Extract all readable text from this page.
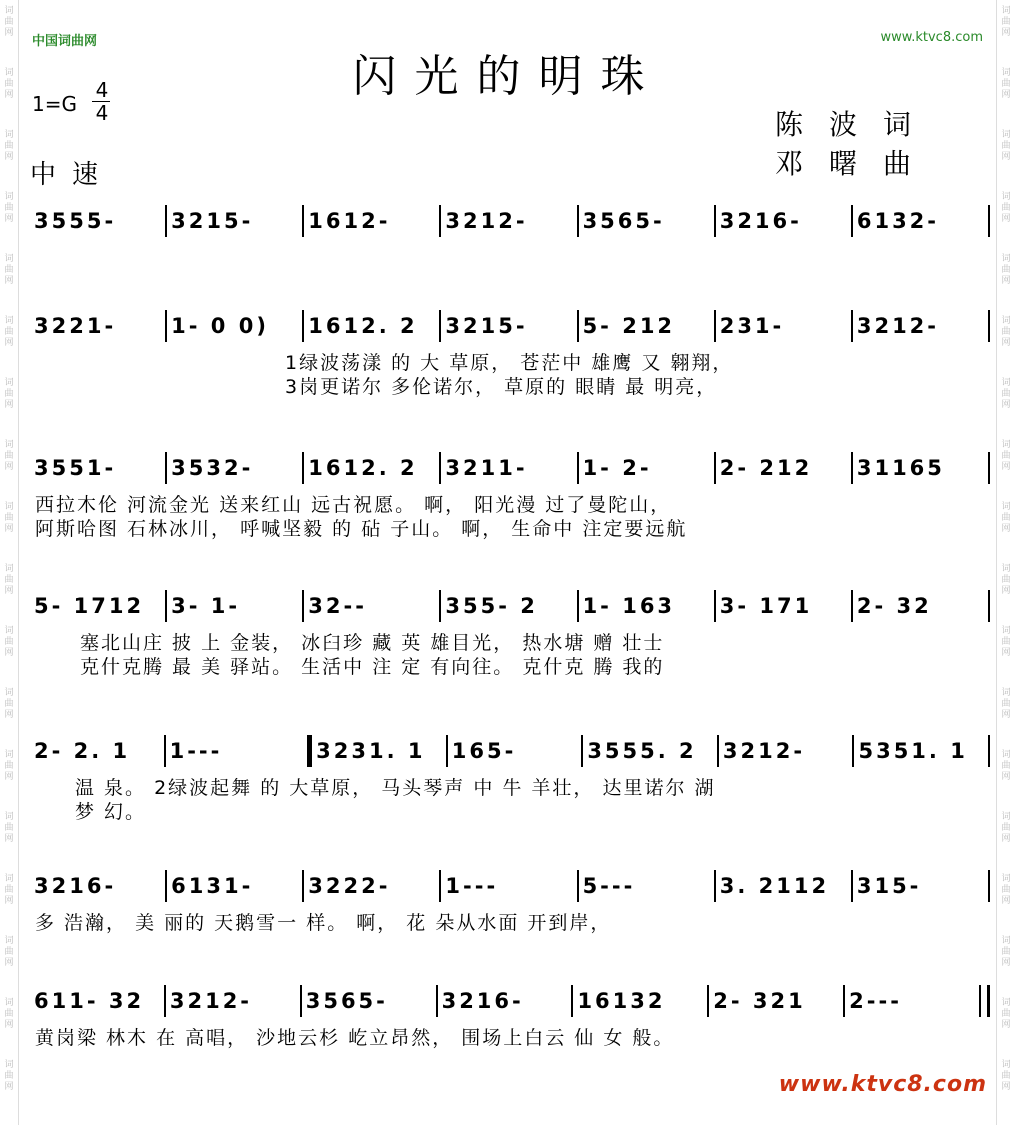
词
曲
网
词
曲
网
词
曲
网
词
曲
网
词
曲
网
词
曲
网
词
曲
网
词
曲
网
词
曲
网
词
曲
网
词
曲
网
词
曲
网
词
曲
网
词
曲
网
词
曲
网
词
曲
网
词
曲
网
词
曲
网
词
曲
网
词
曲
网
词
曲
网
词
曲
网
词
曲
网
词
曲
网
词
曲
网
词
曲
网
词
曲
网
词
曲
网
词
曲
网
词
曲
网
词
曲
网
词
曲
网
词
曲
网
词
曲
网
词
曲
网
词
曲
网
中国词曲网	www.ktvc8.com
闪光的明珠
1=G
4
4
中速
陈波词
邓曙曲
3555-	3215-	1612-	3212-	3565-	3216-	6132-
3221-	1- 0 0)	1612. 2	3215-	5- 212	231-	3212-
1绿波荡漾 的 大 草原， 苍茫中 雄鹰 又 翱翔，
3岗更诺尔 多伦诺尔， 草原的 眼睛 最 明亮，
3551-	3532-	1612. 2	3211-	1- 2-	2- 212	31165
西拉木伦 河流金光 送来红山 远古祝愿。 啊， 阳光漫 过了曼陀山，
阿斯哈图 石林冰川， 呼喊坚毅 的 砧 子山。 啊， 生命中 注定要远航
5- 1712	3- 1-	32--	355- 2	1- 163	3- 171	2- 32
塞北山庄 披 上 金装， 冰臼珍 藏 英 雄目光， 热水塘 赠 壮士
克什克腾 最 美 驿站。 生活中 注 定 有向往。 克什克 腾 我的
2- 2. 1	1---	3231. 1	165-	3555. 2	3212-	5351. 1
温 泉。 2绿波起舞 的 大草原， 马头琴声 中 牛 羊壮， 达里诺尔 湖
梦 幻。
3216-	6131-	3222-	1---	5---	3. 2112	315-
多 浩瀚， 美 丽的 天鹅雪一 样。 啊， 花 朵从水面 开到岸，
611- 32	3212-	3565-	3216-	16132	2- 321	2---
黄岗梁 林木 在 高唱， 沙地云杉 屹立昂然， 围场上白云 仙 女 般。
www.ktvc8.com
